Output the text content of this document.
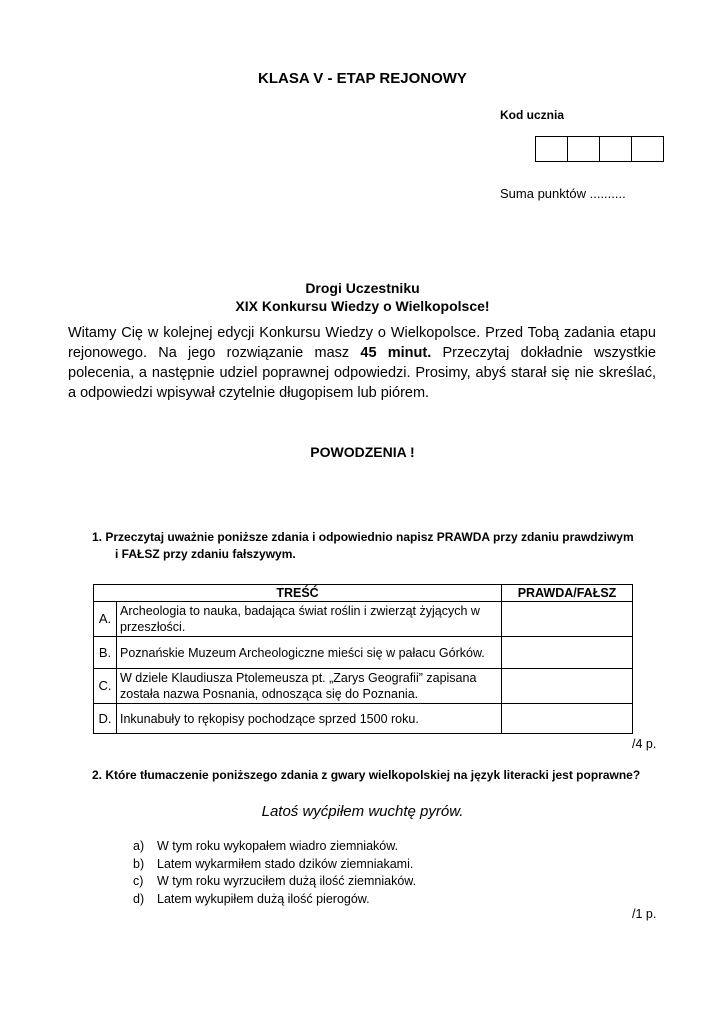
KLASA V - ETAP REJONOWY
Kod ucznia
Suma punktów ..........
Drogi Uczestniku
XIX Konkursu Wiedzy o Wielkopolsce!
Witamy Cię w kolejnej edycji Konkursu Wiedzy o Wielkopolsce. Przed Tobą zadania etapu rejonowego. Na jego rozwiązanie masz 45 minut. Przeczytaj dokładnie wszystkie polecenia, a następnie udziel poprawnej odpowiedzi. Prosimy, abyś starał się nie skreślać, a odpowiedzi wpisywał czytelnie długopisem lub piórem.
POWODZENIA !
1. Przeczytaj uważnie poniższe zdania i odpowiednio napisz PRAWDA przy zdaniu prawdziwym
i FAŁSZ przy zdaniu fałszywym.
TREŚĆ		PRAWDA/FAŁSZ
A.	Archeologia to nauka, badająca świat roślin i zwierząt żyjących w przeszłości.	
B.	Poznańskie Muzeum Archeologiczne mieści się w pałacu Górków.	
C.	W dziele Klaudiusza Ptolemeusza pt. „Zarys Geografii” zapisana została nazwa Posnania, odnosząca się do Poznania.	
D.	Inkunabuły to rękopisy pochodzące sprzed 1500 roku.	
/4 p.
2. Które tłumaczenie poniższego zdania z gwary wielkopolskiej na język literacki jest poprawne?
Latoś wyćpiłem wuchtę pyrów.
a) W tym roku wykopałem wiadro ziemniaków.
b) Latem wykarmiłem stado dzików ziemniakami.
c) W tym roku wyrzuciłem dużą ilość ziemniaków.
d) Latem wykupiłem dużą ilość pierogów.
/1 p.
